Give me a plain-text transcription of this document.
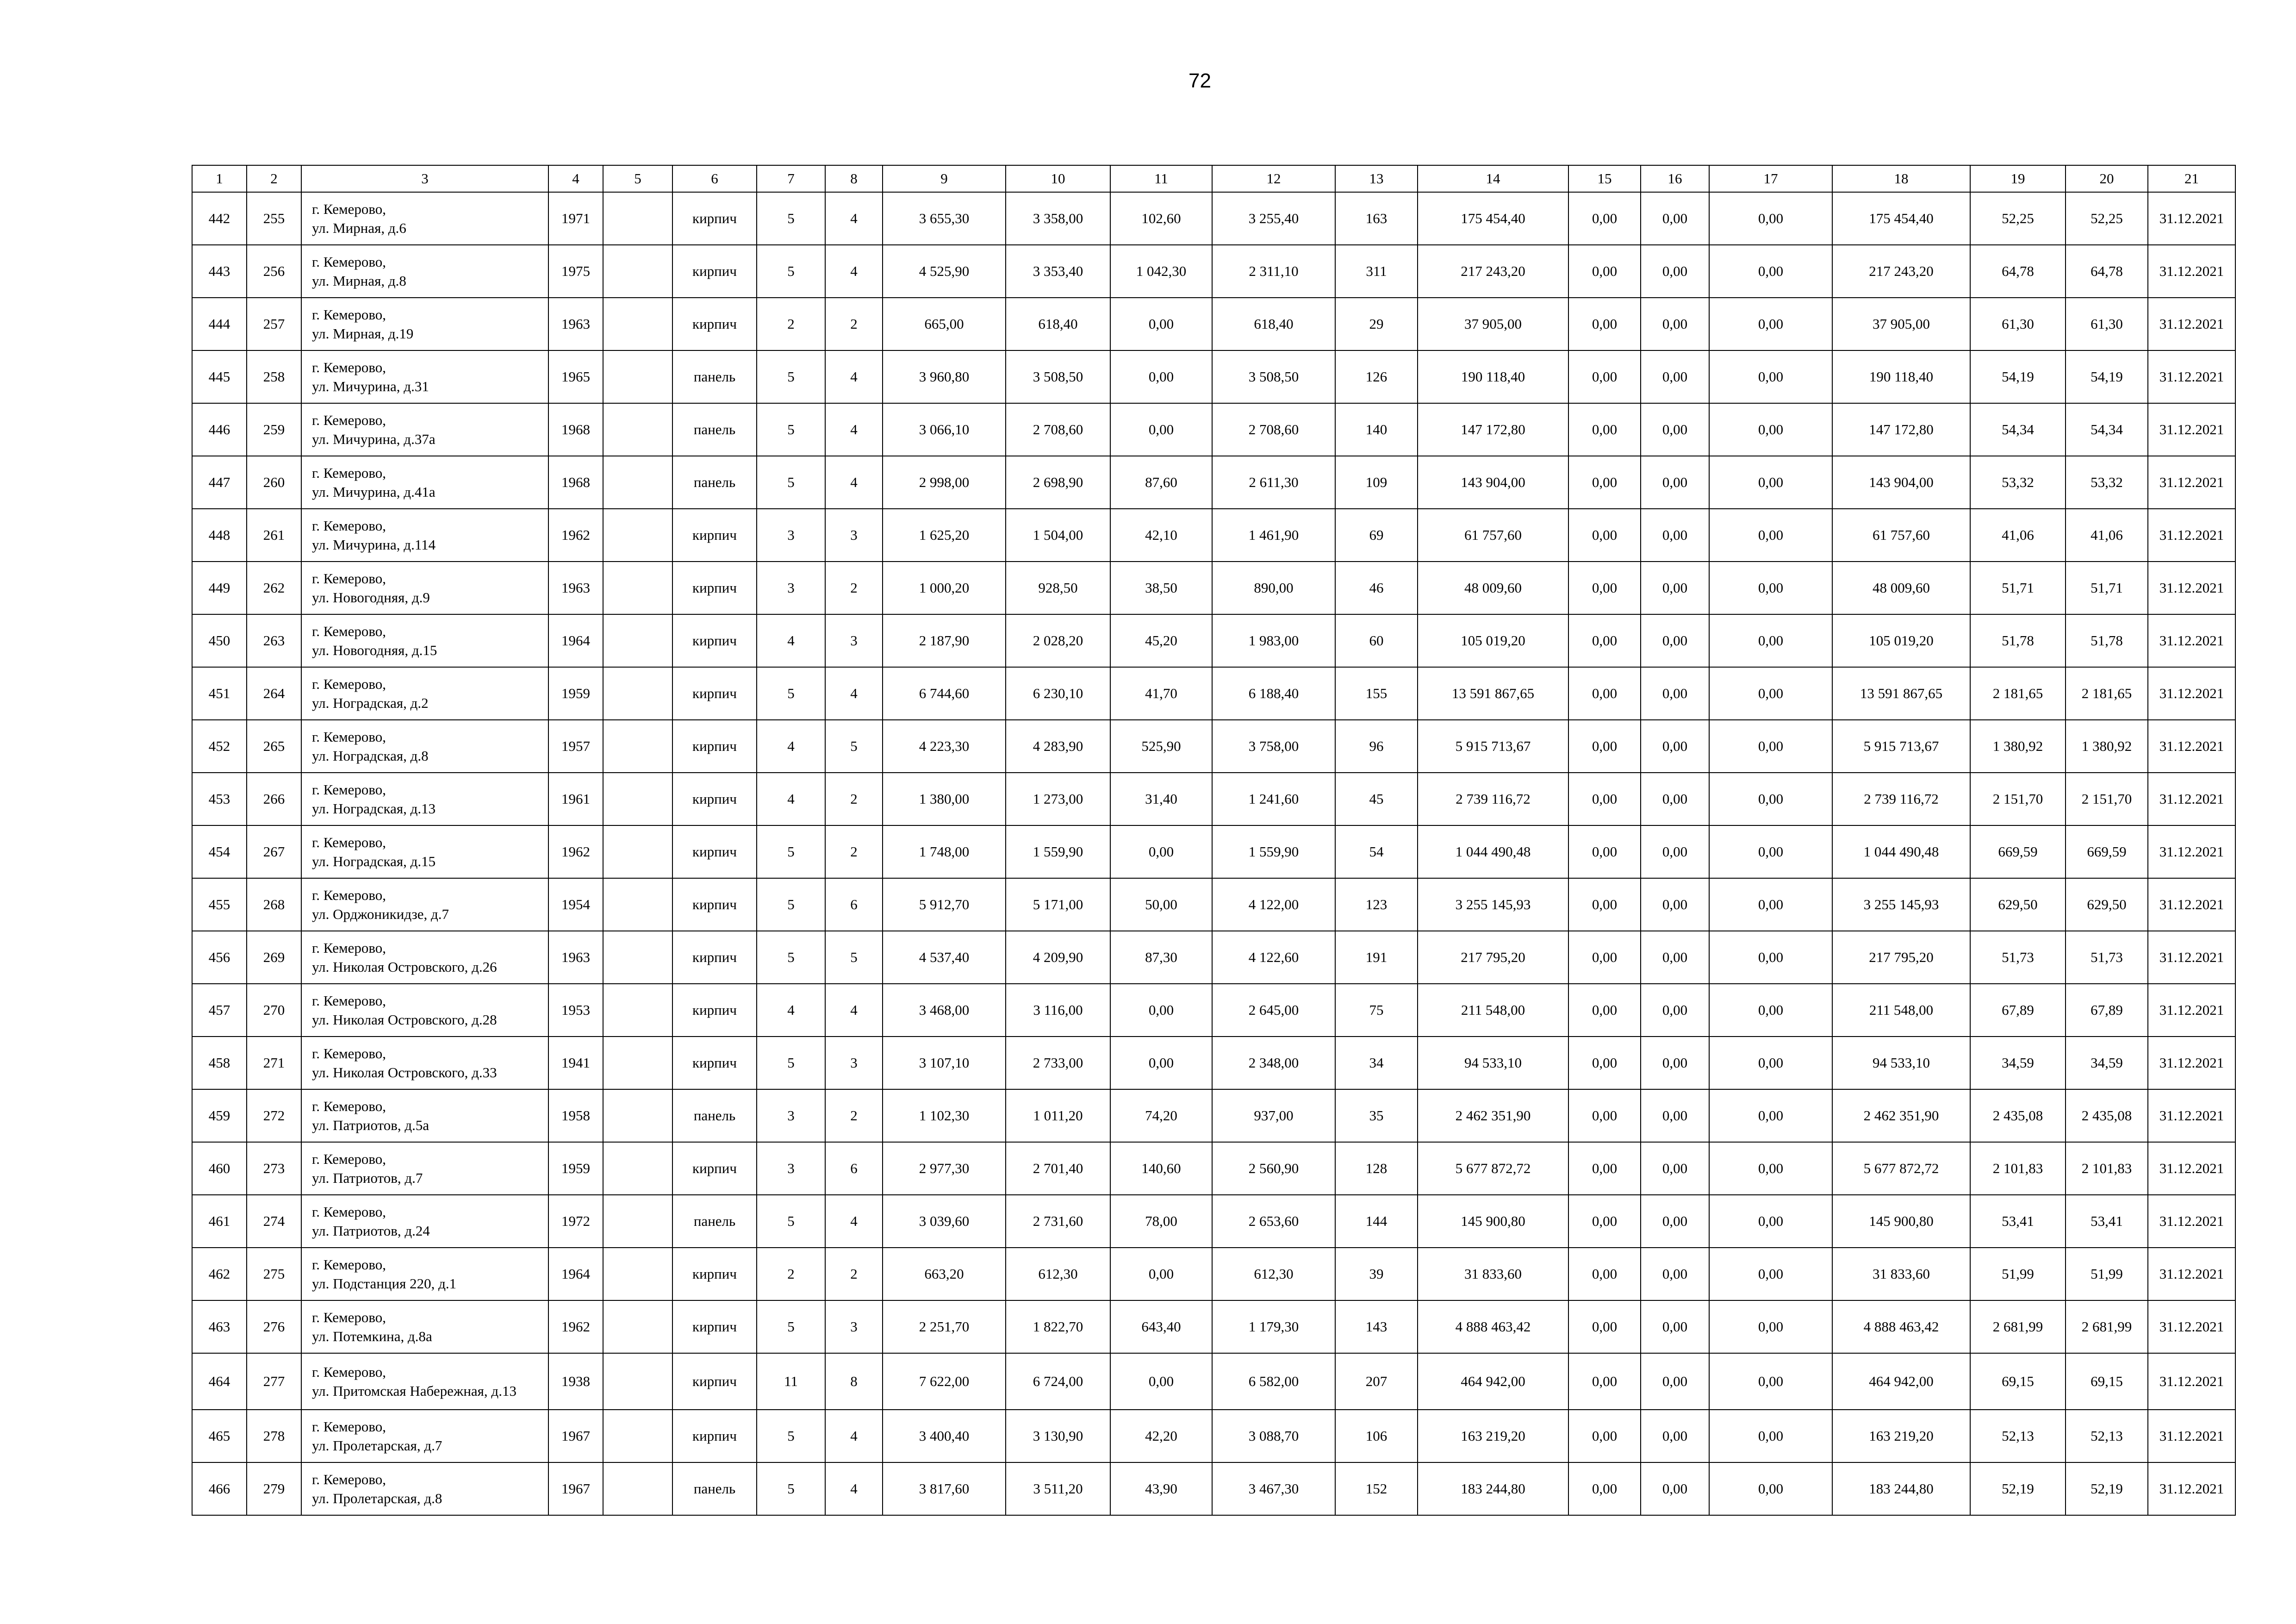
72
1	2	3	4	5	6	7	8	9	10	11	12	13	14	15	16	17	18	19	20	21
442	255	г. Кемерово,
ул. Мирная, д.6	1971		кирпич	5	4	3 655,30	3 358,00	102,60	3 255,40	163	175 454,40	0,00	0,00	0,00	175 454,40	52,25	52,25	31.12.2021
443	256	г. Кемерово,
ул. Мирная, д.8	1975		кирпич	5	4	4 525,90	3 353,40	1 042,30	2 311,10	311	217 243,20	0,00	0,00	0,00	217 243,20	64,78	64,78	31.12.2021
444	257	г. Кемерово,
ул. Мирная, д.19	1963		кирпич	2	2	665,00	618,40	0,00	618,40	29	37 905,00	0,00	0,00	0,00	37 905,00	61,30	61,30	31.12.2021
445	258	г. Кемерово,
ул. Мичурина, д.31	1965		панель	5	4	3 960,80	3 508,50	0,00	3 508,50	126	190 118,40	0,00	0,00	0,00	190 118,40	54,19	54,19	31.12.2021
446	259	г. Кемерово,
ул. Мичурина, д.37а	1968		панель	5	4	3 066,10	2 708,60	0,00	2 708,60	140	147 172,80	0,00	0,00	0,00	147 172,80	54,34	54,34	31.12.2021
447	260	г. Кемерово,
ул. Мичурина, д.41а	1968		панель	5	4	2 998,00	2 698,90	87,60	2 611,30	109	143 904,00	0,00	0,00	0,00	143 904,00	53,32	53,32	31.12.2021
448	261	г. Кемерово,
ул. Мичурина, д.114	1962		кирпич	3	3	1 625,20	1 504,00	42,10	1 461,90	69	61 757,60	0,00	0,00	0,00	61 757,60	41,06	41,06	31.12.2021
449	262	г. Кемерово,
ул. Новогодняя, д.9	1963		кирпич	3	2	1 000,20	928,50	38,50	890,00	46	48 009,60	0,00	0,00	0,00	48 009,60	51,71	51,71	31.12.2021
450	263	г. Кемерово,
ул. Новогодняя, д.15	1964		кирпич	4	3	2 187,90	2 028,20	45,20	1 983,00	60	105 019,20	0,00	0,00	0,00	105 019,20	51,78	51,78	31.12.2021
451	264	г. Кемерово,
ул. Ноградская, д.2	1959		кирпич	5	4	6 744,60	6 230,10	41,70	6 188,40	155	13 591 867,65	0,00	0,00	0,00	13 591 867,65	2 181,65	2 181,65	31.12.2021
452	265	г. Кемерово,
ул. Ноградская, д.8	1957		кирпич	4	5	4 223,30	4 283,90	525,90	3 758,00	96	5 915 713,67	0,00	0,00	0,00	5 915 713,67	1 380,92	1 380,92	31.12.2021
453	266	г. Кемерово,
ул. Ноградская, д.13	1961		кирпич	4	2	1 380,00	1 273,00	31,40	1 241,60	45	2 739 116,72	0,00	0,00	0,00	2 739 116,72	2 151,70	2 151,70	31.12.2021
454	267	г. Кемерово,
ул. Ноградская, д.15	1962		кирпич	5	2	1 748,00	1 559,90	0,00	1 559,90	54	1 044 490,48	0,00	0,00	0,00	1 044 490,48	669,59	669,59	31.12.2021
455	268	г. Кемерово,
ул. Орджоникидзе, д.7	1954		кирпич	5	6	5 912,70	5 171,00	50,00	4 122,00	123	3 255 145,93	0,00	0,00	0,00	3 255 145,93	629,50	629,50	31.12.2021
456	269	г. Кемерово,
ул. Николая Островского, д.26	1963		кирпич	5	5	4 537,40	4 209,90	87,30	4 122,60	191	217 795,20	0,00	0,00	0,00	217 795,20	51,73	51,73	31.12.2021
457	270	г. Кемерово,
ул. Николая Островского, д.28	1953		кирпич	4	4	3 468,00	3 116,00	0,00	2 645,00	75	211 548,00	0,00	0,00	0,00	211 548,00	67,89	67,89	31.12.2021
458	271	г. Кемерово,
ул. Николая Островского, д.33	1941		кирпич	5	3	3 107,10	2 733,00	0,00	2 348,00	34	94 533,10	0,00	0,00	0,00	94 533,10	34,59	34,59	31.12.2021
459	272	г. Кемерово,
ул. Патриотов, д.5а	1958		панель	3	2	1 102,30	1 011,20	74,20	937,00	35	2 462 351,90	0,00	0,00	0,00	2 462 351,90	2 435,08	2 435,08	31.12.2021
460	273	г. Кемерово,
ул. Патриотов, д.7	1959		кирпич	3	6	2 977,30	2 701,40	140,60	2 560,90	128	5 677 872,72	0,00	0,00	0,00	5 677 872,72	2 101,83	2 101,83	31.12.2021
461	274	г. Кемерово,
ул. Патриотов, д.24	1972		панель	5	4	3 039,60	2 731,60	78,00	2 653,60	144	145 900,80	0,00	0,00	0,00	145 900,80	53,41	53,41	31.12.2021
462	275	г. Кемерово,
ул. Подстанция 220, д.1	1964		кирпич	2	2	663,20	612,30	0,00	612,30	39	31 833,60	0,00	0,00	0,00	31 833,60	51,99	51,99	31.12.2021
463	276	г. Кемерово,
ул. Потемкина, д.8а	1962		кирпич	5	3	2 251,70	1 822,70	643,40	1 179,30	143	4 888 463,42	0,00	0,00	0,00	4 888 463,42	2 681,99	2 681,99	31.12.2021
464	277	г. Кемерово,
ул. Притомская Набережная, д.13	1938		кирпич	11	8	7 622,00	6 724,00	0,00	6 582,00	207	464 942,00	0,00	0,00	0,00	464 942,00	69,15	69,15	31.12.2021
465	278	г. Кемерово,
ул. Пролетарская, д.7	1967		кирпич	5	4	3 400,40	3 130,90	42,20	3 088,70	106	163 219,20	0,00	0,00	0,00	163 219,20	52,13	52,13	31.12.2021
466	279	г. Кемерово,
ул. Пролетарская, д.8	1967		панель	5	4	3 817,60	3 511,20	43,90	3 467,30	152	183 244,80	0,00	0,00	0,00	183 244,80	52,19	52,19	31.12.2021
